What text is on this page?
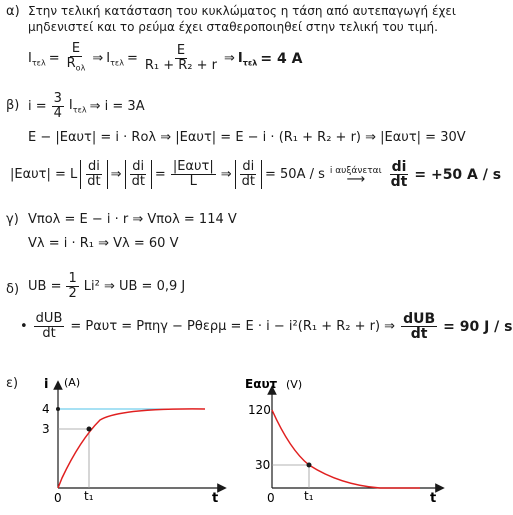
α) Στην τελική κατάσταση του κυκλώματος η τάση από αυτεπαγωγή έχει
μηδενιστεί και το ρεύμα έχει σταθεροποιηθεί στην τελική του τιμή.
$I_{\tau\varepsilon\lambda} = \frac{E}{R_{o\lambda}}$ ⇒ $I_{\tau\varepsilon\lambda} = \frac{E}{\text{R₁ + R₂ + r}}$ ⇒ $I_{\tau\varepsilon\lambda} = 4$ A
β) $i = \frac{3}{4} I_{\tau\varepsilon\lambda}$ ⇒ i = 3A
E − |Eαυτ| = i · Rολ ⇒ |Eαυτ| = E − i · (R₁ + R₂ + r) ⇒ |Eαυτ| = 30V
|Eαυτ| = L $\frac{di}{dt}$ ⇒ $\frac{di}{dt} = \frac{\text{|Eαυτ|}}{L}$ ⇒ $\frac{di}{dt} = 50A / s$ i αυξάνεται
⟶ $\frac{di}{dt} = +50$ A / s
γ) Vπολ = E − i · r ⇒ Vπολ = 114 V
Vλ = i · R₁ ⇒ Vλ = 60 V
δ) UB = $\frac{1}{2} Li^2$ ⇒ UB = 0,9 J
• $\frac{\text{dUB}}{dt} = P\alpha\upsilon\tau = P\pi\eta\gamma - P\theta\varepsilon\rho\mu = E \cdot i - i^2(R_1 + R_2 + r)$ ⇒ $\frac{\text{dUB}}{dt} = 90$ J / s
ε) i (A)
4
3
0 t₁	t
Eαυτ (V)
120
30
0 t₁	t
